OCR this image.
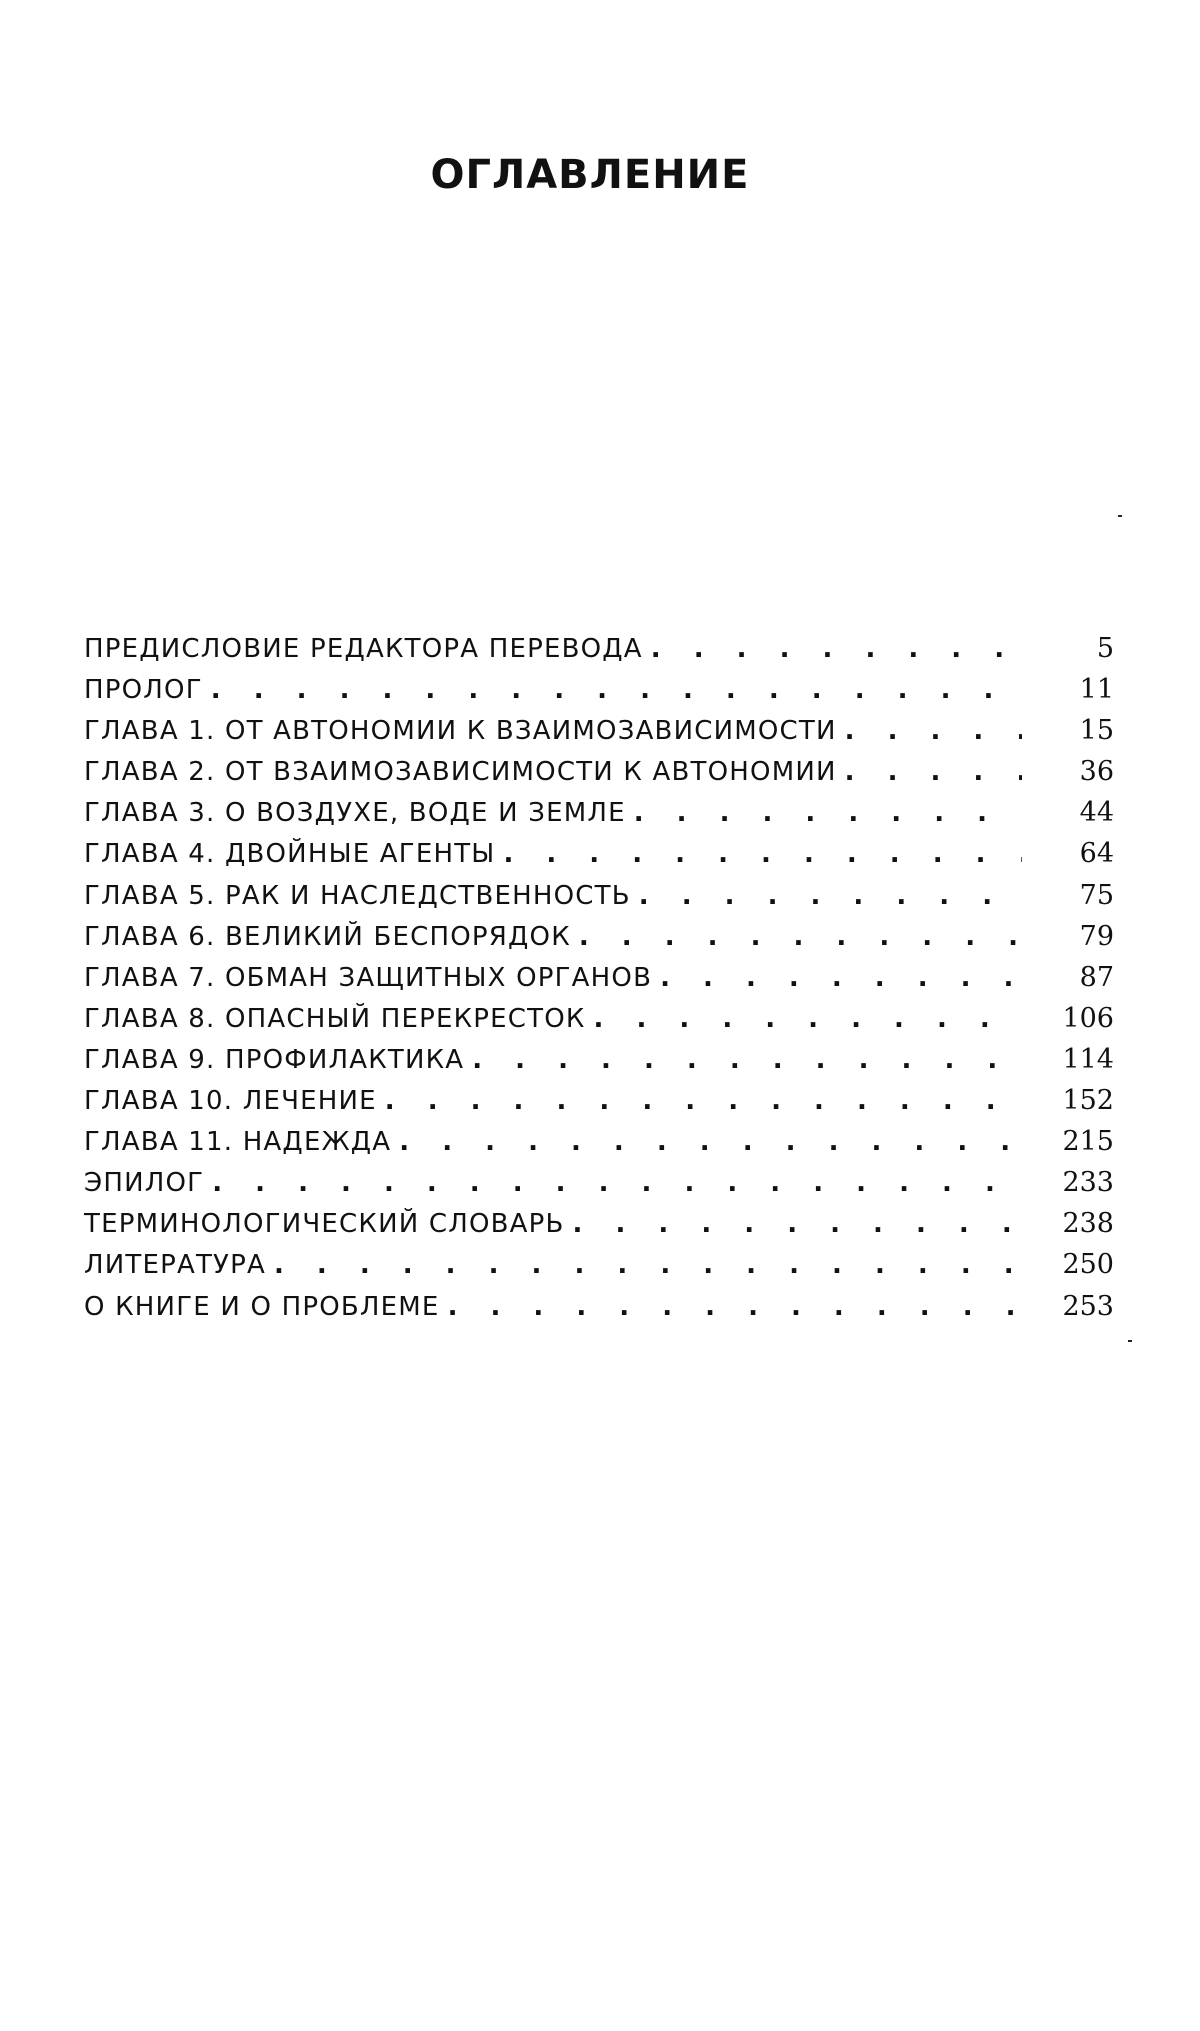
ОГЛАВЛЕНИЕ
ПРЕДИСЛОВИЕ РЕДАКТОРА ПЕРЕВОДА . . .	5
ПРОЛОГ . . .	11
ГЛАВА 1. ОТ АВТОНОМИИ К ВЗАИМОЗАВИСИМОСТИ . . .	15
ГЛАВА 2. ОТ ВЗАИМОЗАВИСИМОСТИ К АВТОНОМИИ . . .	36
ГЛАВА 3. О ВОЗДУХЕ, ВОДЕ И ЗЕМЛЕ . . .	44
ГЛАВА 4. ДВОЙНЫЕ АГЕНТЫ . . .	64
ГЛАВА 5. РАК И НАСЛЕДСТВЕННОСТЬ . . .	75
ГЛАВА 6. ВЕЛИКИЙ БЕСПОРЯДОК . . .	79
ГЛАВА 7. ОБМАН ЗАЩИТНЫХ ОРГАНОВ . . .	87
ГЛАВА 8. ОПАСНЫЙ ПЕРЕКРЕСТОК . . .	106
ГЛАВА 9. ПРОФИЛАКТИКА . . .	114
ГЛАВА 10. ЛЕЧЕНИЕ . . .	152
ГЛАВА 11. НАДЕЖДА . . .	215
ЭПИЛОГ . . .	233
ТЕРМИНОЛОГИЧЕСКИЙ СЛОВАРЬ . . .	238
ЛИТЕРАТУРА . . .	250
О КНИГЕ И О ПРОБЛЕМЕ . . .	253
